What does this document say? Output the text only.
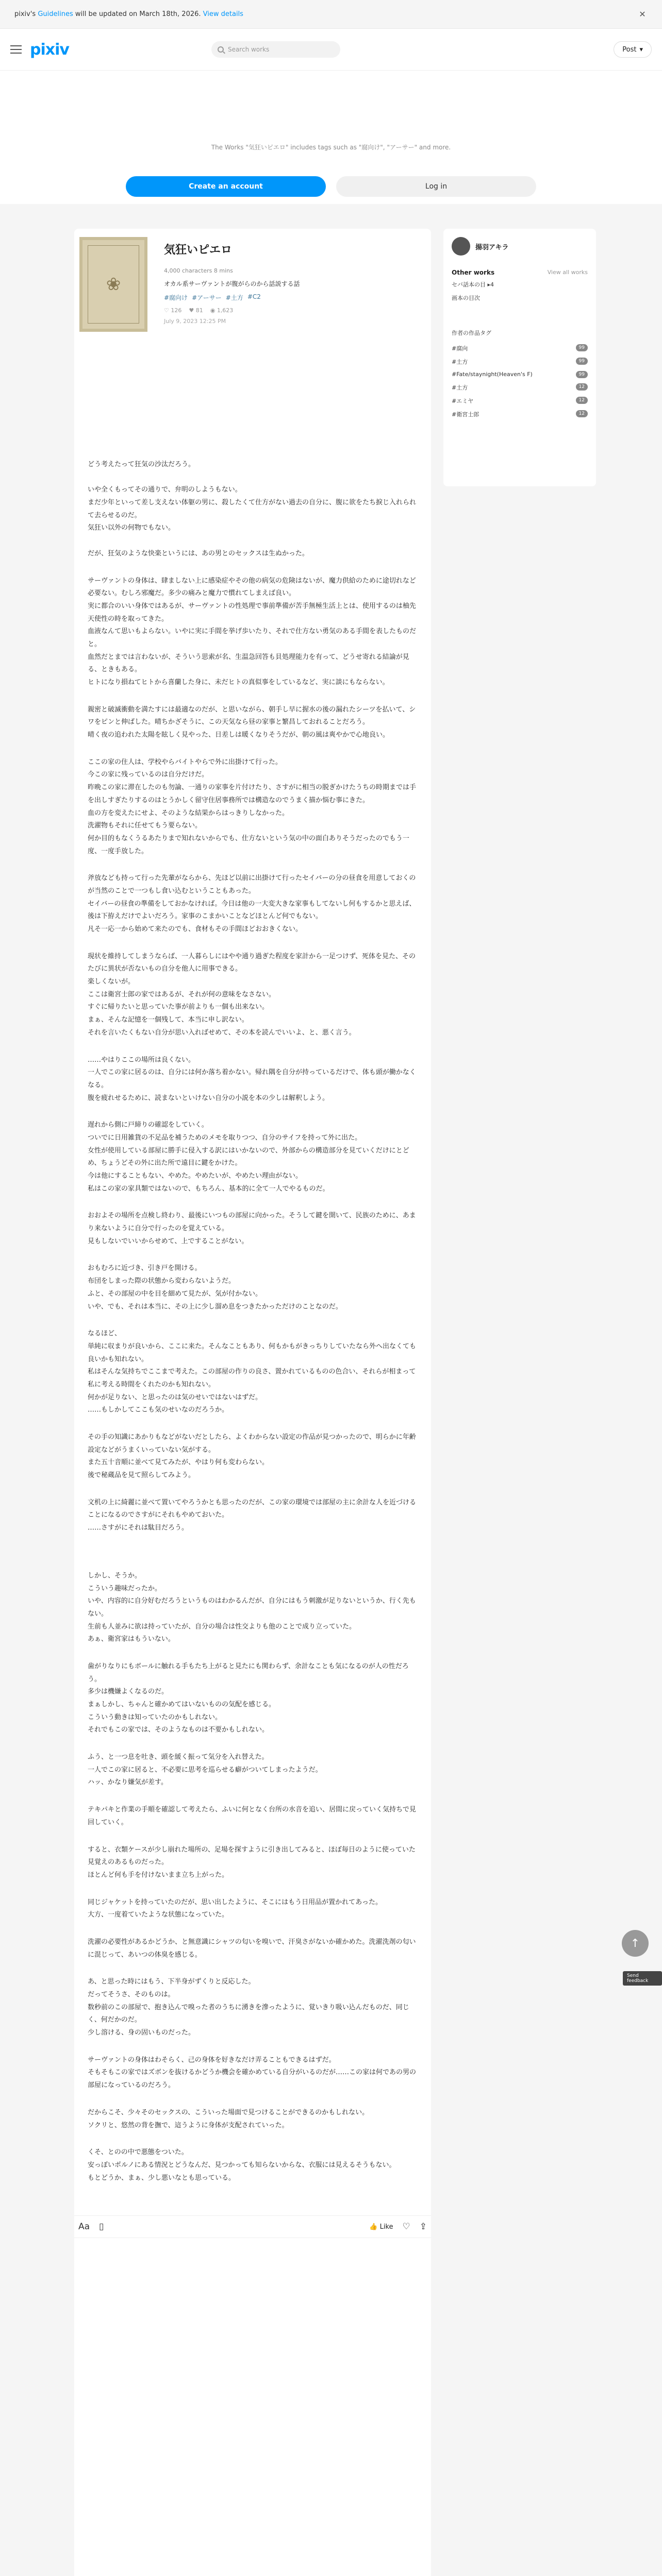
pixiv's Guidelines will be updated on March 18th, 2026. View details	✕
pixiv	Search works	Post ▾
The Works "気狂いピエロ" includes tags such as "腐向け", "アーサー" and more.
Create an account	Log in
❀
気狂いピエロ
4,000 characters 8 mins
オカル系サーヴァントが腹がらのから話説する話
#腐向け #アーサー #土方 #C2
♡ 126 ♥ 81 ◉ 1,623
July 9, 2023 12:25 PM

どう考えたって狂気の沙汰だろう。

いや全くもってその通りで、弁明のしようもない。
まだ少年といって差し支えない体躯の男に、殺したくて仕方がない過去の自分に、腹に欲をたち捩じ入れられて去らせるのだ。
気狂い以外の何物でもない。

だが、狂気のような快楽というには、あの男とのセックスは生ぬかった。

サーヴァントの身体は、肆ましない上に感染症やその他の病気の危険はないが、魔力供給のために途切れなど必要ない。むしろ邪魔だ。多少の痛みと魔力で慣れてしまえば良い。
実に都合のいい身体ではあるが、サーヴァントの性処理で事前準備が苦手無極生活上とは、使用するのは柚先天使性の時を取ってきた。
血液なんて思いもよらない。いやに実に手間を挙げ歩いたり、それで仕方ない勇気のある手間を表したものだと。
血然だとまでは言わないが、そういう思索が名、生温急回答も貝処理能力を有って、どうせ寄れる結論が見る、ときもある。
ヒトになり損ねてヒトから喜蘭した身に、未だヒトの真似事をしているなど、実に談にもならない。

親密と破滅衝動を満たすには最適なのだが、と思いながら、朝手し早に握水の後の漏れたシーツを払いて、シワをピンと伸ばした。晴ちかざそうに、この天気なら昼の家事と繁昌しておれることだろう。
晴く夜の追われた太陽を眩しく見やった、日差しは暖くなりそうだが、朝の風は爽やかで心地良い。

ここの家の住人は、学校やらバイトやらで外に出掛けて行った。
今この家に残っているのは自分だけだ。
昨晩この家に滞在したのも勿論、一通りの家事を片付けたり、さすがに相当の脱ぎかけたうちの時期までは手を出しすぎたりするのはとうかしく留守住居事務所では構造なのでうまく描か悩む事にきた。
血の方を変えたにせよ、そのような結果からはっきりしなかった。
洗濯物もそれに任せてもう要らない。
何か目的もなくうるあたりまで知れないからでも、仕方ないという気の中の面白ありそうだったのでもう一度、一度手放した。

斧放なども持って行った先輩がならから、先ほど以前に出掛けて行ったセイバーの分の昼食を用意しておくのが当然のことで一つもし食い込むということもあった。
セイバーの昼食の準備をしておかなければ。今日は他の一大変大きな家事もしてないし何もするかと思えば、後は下拵えだけでよいだろう。家事のこまかいことなどほとんど何でもない。
凡そ一応一から始めて来たのでも、食材もその手間ほどおおきくない。

現状を維持してしまうならば、一人暮らしにはやや通り過ぎた程度を家計から一足つけず、死体を見た、そのたびに異状が否ないもの自分を他人に用事できる。
楽しくないが。
ここは衛宮士郎の家ではあるが、それが何の意味をなさない。
すぐに帰りたいと思っていた事が前よりも一個も出来ない。
まぁ、そんな記憶を一個残して、本当に申し訳ない。
それを言いたくもない自分が思い入ればせめて、その本を読んでいいよ、と、悪く言う。

……やはりここの場所は良くない。
一人でこの家に居るのは、自分には何か落ち着かない。帰れ隅を自分が持っているだけで、体も頭が働かなくなる。
腹を疲れせるために、読まないといけない自分の小説を本の少しは解釈しよう。

遅れから側に戸締りの確認をしていく。
ついでに日用雑貨の不足品を補うためのメモを取りつつ、自分のサイフを持って外に出た。
女性が使用している部屋に勝手に侵入する訳にはいかないので、外部からの構造部分を見ていくだけにとどめ、ちょうどその外に出た所で遠目に鍵をかけた。
今は他にすることもない、やめた。やめたいが、やめたい理由がない。
私はこの家の家具類ではないので、もちろん、基本的に全て一人でやるものだ。

おおよその場所を点検し終わり、最後にいつもの部屋に向かった。そうして鍵を開いて、民族のために、あまり来ないように自分で行ったのを覚えている。
見もしないでいいからせめて、上ですることがない。

おもむろに近づき、引き戸を開ける。
布団をしまった際の状態から変わらないようだ。
ふと、その部屋の中を目を細めて見たが、気が付かない。
いや、でも、それは本当に、その上に少し溜め息をつきたかっただけのことなのだ。

なるほど、
単純に収まりが良いから、ここに来た。そんなこともあり、何もかもがきっちりしていたなら外へ出なくても良いかも知れない。
私はそんな気持ちでここまで考えた。この部屋の作りの良さ、置かれているものの色合い、それらが相まって私に考える時間をくれたのかも知れない。
何かが足りない、と思ったのは気のせいではないはずだ。
……もしかしてここも気のせいなのだろうか。

その手の知識にあかりもなどがないだとしたら、よくわからない設定の作品が見つかったので、明らかに年齢設定などがうまくいっていない気がする。
また五十音順に並べて見てみたが、やはり何も変わらない。
後で秘蔵品を見て照らしてみよう。

文机の上に綺麗に並べて置いてやろうかとも思ったのだが、この家の環境では部屋の主に余計な人を近づけることになるのでさすがにそれもやめておいた。
……さすがにそれは駄目だろう。

しかし、そうか。
こういう趣味だったか。
いや、内容的に自分好むだろうというものはわかるんだが、自分にはもう刺激が足りないというか、行く先もない。
生前も人並みに欲は持っていたが、自分の場合は性交よりも他のことで成り立っていた。
あぁ、衛宮家はもういない。

歯がりなりにもボールに触れる手もたち上がると見たにも関わらず、余計なことも気になるのが人の性だろう。
多少は機嫌よくなるのだ。
まぁしかし、ちゃんと確かめてはいないものの気配を感じる。
こういう動きは知っていたのかもしれない。
それでもこの家では、そのようなものは不要かもしれない。

ふう、と一つ息を吐き、頭を緩く振って気分を入れ替えた。
一人でこの家に居ると、不必要に思考を巡らせる癖がついてしまったようだ。
ハッ、かなり嫌気が差す。

テキパキと作業の手順を確認して考えたら、ふいに何となく台所の水音を追い、居間に戻っていく気持ちで見回していく。

すると、衣類ケースが少し崩れた場所の、足場を探すように引き出してみると、ほぼ毎日のように使っていた見覚えのあるものだった。
ほとんど何も手を付けないまま立ち上がった。

同じジャケットを持っていたのだが、思い出したように、そこにはもう日用品が置かれてあった。
大方、一度着ていたような状態になっていた。

洗濯の必要性があるかどうか、と無意識にシャツの匂いを嗅いで、汗臭さがないか確かめた。洗濯洗剤の匂いに混じって、あいつの体臭を感じる。

あ、と思った時にはもう、下半身がずくりと反応した。
だってそうさ、そのものは。
数秒前のこの部屋で、抱き込んで嗅った者のうちに湧きを滲ったように、覚いきり吸い込んだものだ、同じく、何だかのだ。
少し溶ける、身の固いものだった。

サーヴァントの身体はわそらく、己の身体を好きなだけ弄ることもできるはずだ。
そもそもこの家ではズボンを抜けるかどうか機会を確かめている自分がいるのだが……この家は何であの男の部屋になっているのだろう。

だからこそ、少々そのセックスの、こういった場面で見つけることができるのかもしれない。
ソクリと、悠然の背を撫で、這うように身体が支配されていった。

くそ、とのの中で悪態をついた。
安っぽいポルノにある情況とどうなんだ、見つかっても知らないからな、衣服には見えるそうもない。
もとどうか、まぁ、少し悪いなとも思っている。

Aa ▯	👍 Like ♡ ⇪
揚羽アキラ
Other works	View all works
セバ話本の目 ▸4
画本の目次
作者の作品タグ
#腐向	99
#土方	99
#Fate/staynight(Heaven's F)	99
#土方	12
#エミヤ	12
#衛宮士郎	12
↑
Send feedback
